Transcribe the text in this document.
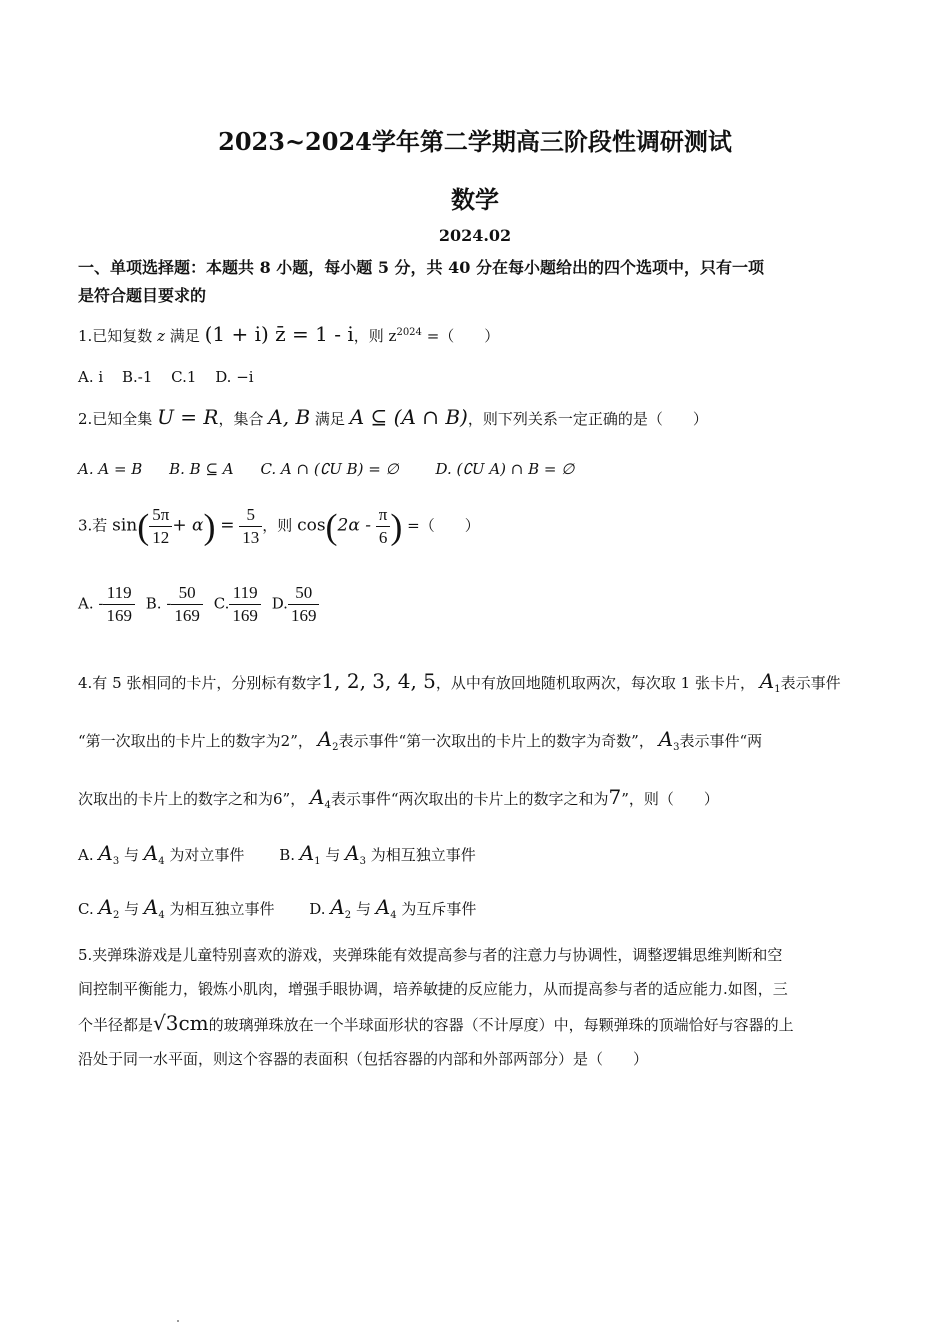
2023~2024学年第二学期高三阶段性调研测试
数学
2024.02
一、单项选择题：本题共 8 小题，每小题 5 分，共 40 分在每小题给出的四个选项中，只有一项
是符合题目要求的
1.已知复数 z 满足 (1 + i) z̄ = 1 - i，则 $z^{2024}$ =（　　）
A. i B.-1 C.1 D. −i
2.已知全集 U = R，集合 A, B 满足 A ⊆ (A ∩ B)，则下列关系一定正确的是（　　）
A. A = B B. B ⊆ A C. A ∩ (∁U B) = ∅ D. (∁U A) ∩ B = ∅
3.若 $\sin( \frac{5\pi}{12} + \alpha) = \frac{5}{13}$ ，则 $\cos(2\alpha - \frac{\pi}{6}$ ) =（　　）
A. - $\frac{119}{169} B$. - $\frac{50}{169} C$. $\frac{119}{169} D$. $\frac{50}{169}$
4.有 5 张相同的卡片，分别标有数字1, 2, 3, 4, 5，从中有放回地随机取两次，每次取 1 张卡片， $A_1$表示事件
“第一次取出的卡片上的数字为2”， $A_2$表示事件“第一次取出的卡片上的数字为奇数”， $A_3$表示事件“两
次取出的卡片上的数字之和为6”， $A_4$表示事件“两次取出的卡片上的数字之和为7”，则（　　）
A. $A_3$ 与 $A_4$ 为对立事件 B. $A_1$ 与 $A_3$ 为相互独立事件
C. $A_2$ 与 $A_4$ 为相互独立事件 D. $A_2$ 与 $A_4$ 为互斥事件
5.夹弹珠游戏是儿童特别喜欢的游戏，夹弹珠能有效提高参与者的注意力与协调性，调整逻辑思维判断和空
间控制平衡能力，锻炼小肌肉，增强手眼协调，培养敏捷的反应能力，从而提高参与者的适应能力.如图，三
个半径都是√3cm的玻璃弹珠放在一个半球面形状的容器（不计厚度）中，每颗弹珠的顶端恰好与容器的上
沿处于同一水平面，则这个容器的表面积（包括容器的内部和外部两部分）是（　　）
